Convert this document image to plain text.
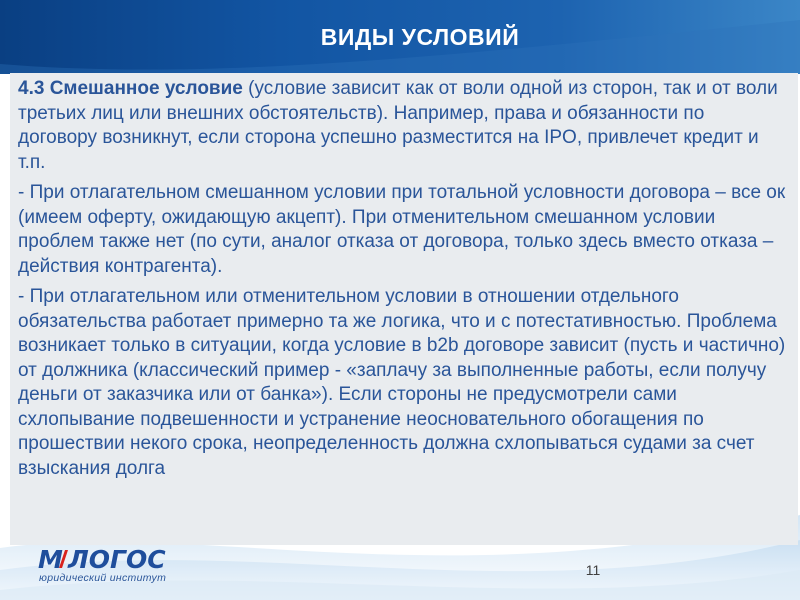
ВИДЫ УСЛОВИЙ

4.3 Смешанное условие (условие зависит как от воли одной из сторон, так и от воли третьих лиц или внешних обстоятельств). Например, права и обязанности по договору возникнут, если сторона успешно разместится на IPO, привлечет кредит и т.п.

- При отлагательном смешанном условии при тотальной условности договора – все ок (имеем оферту, ожидающую акцепт). При отменительном смешанном условии проблем также нет (по сути, аналог отказа от договора, только здесь вместо отказа – действия контрагента).

- При отлагательном или отменительном условии в отношении отдельного обязательства работает примерно та же логика, что и с потестативностью. Проблема возникает только в ситуации, когда условие в b2b договоре зависит (пусть и частично) от должника (классический пример - «заплачу за выполненные работы, если получу деньги от заказчика или от банка»). Если стороны не предусмотрели сами схлопывание подвешенности и устранение неосновательного обогащения по прошествии некого срока, неопределенность должна схлопываться судами за счет взыскания долга

М ЛОГОС
юридический институт	11
